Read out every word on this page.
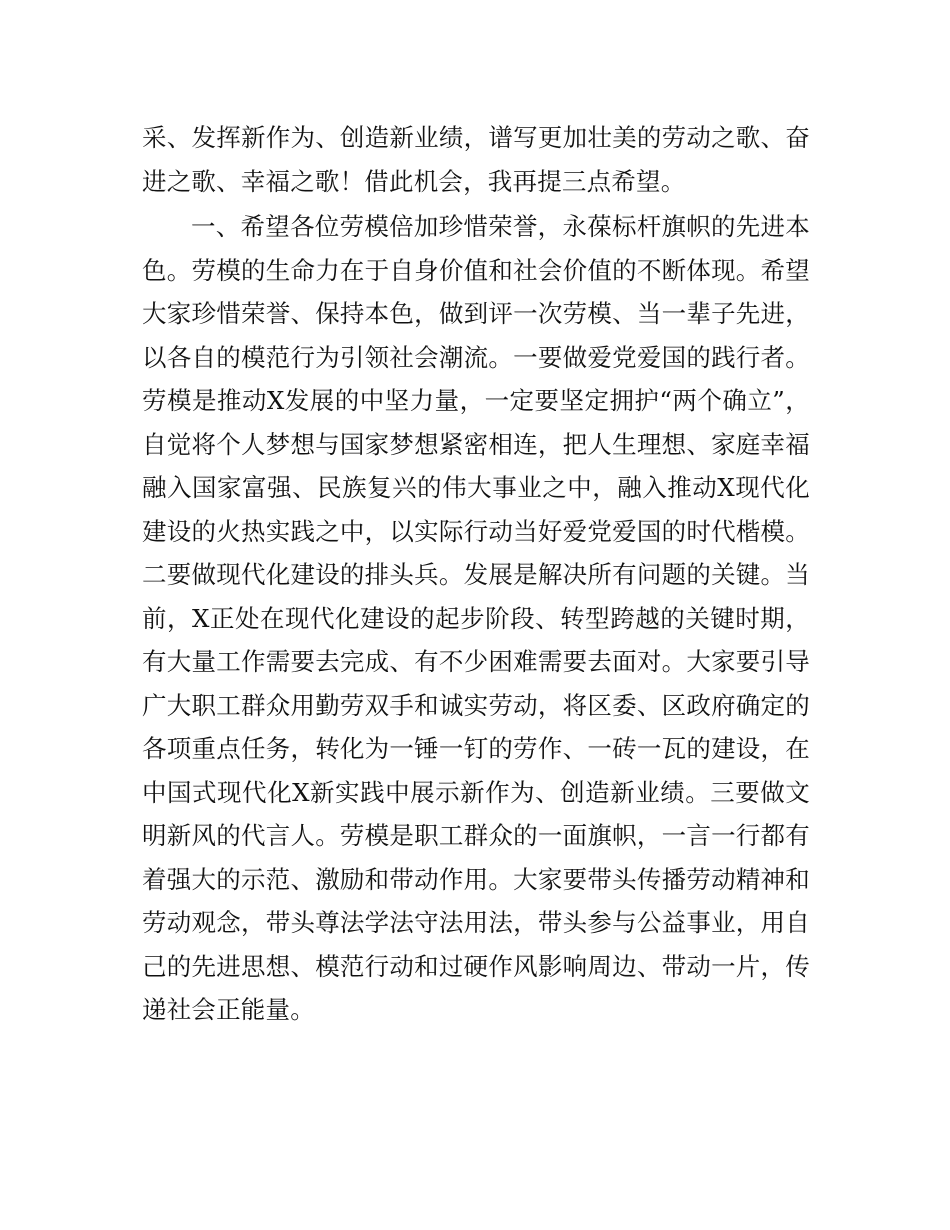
采、发挥新作为、创造新业绩，谱写更加壮美的劳动之歌、奋进之歌、幸福之歌！借此机会，我再提三点希望。

一、希望各位劳模倍加珍惜荣誉，永葆标杆旗帜的先进本色。劳模的生命力在于自身价值和社会价值的不断体现。希望大家珍惜荣誉、保持本色，做到评一次劳模、当一辈子先进，以各自的模范行为引领社会潮流。一要做爱党爱国的践行者。劳模是推动X发展的中坚力量，一定要坚定拥护“两个确立”，自觉将个人梦想与国家梦想紧密相连，把人生理想、家庭幸福融入国家富强、民族复兴的伟大事业之中，融入推动X现代化建设的火热实践之中，以实际行动当好爱党爱国的时代楷模。二要做现代化建设的排头兵。发展是解决所有问题的关键。当前，X正处在现代化建设的起步阶段、转型跨越的关键时期，有大量工作需要去完成、有不少困难需要去面对。大家要引导广大职工群众用勤劳双手和诚实劳动，将区委、区政府确定的各项重点任务，转化为一锤一钉的劳作、一砖一瓦的建设，在中国式现代化X新实践中展示新作为、创造新业绩。三要做文明新风的代言人。劳模是职工群众的一面旗帜，一言一行都有着强大的示范、激励和带动作用。大家要带头传播劳动精神和劳动观念，带头尊法学法守法用法，带头参与公益事业，用自己的先进思想、模范行动和过硬作风影响周边、带动一片，传递社会正能量。
